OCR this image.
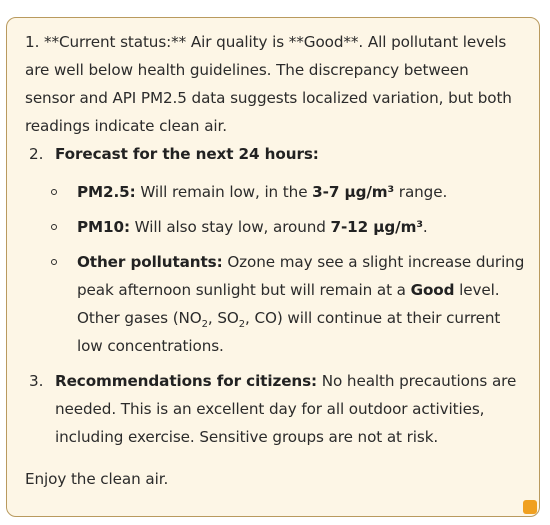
1. **Current status:** Air quality is **Good**. All pollutant levels
are well below health guidelines. The discrepancy between
sensor and API PM2.5 data suggests localized variation, but both
readings indicate clean air.
2. Forecast for the next 24 hours:
PM2.5: Will remain low, in the 3-7 µg/m³ range.
PM10: Will also stay low, around 7-12 µg/m³.
Other pollutants: Ozone may see a slight increase during
peak afternoon sunlight but will remain at a Good level.
Other gases ($NO_2$, $SO_2$, CO) will continue at their current
low concentrations.
3. Recommendations for citizens: No health precautions are
needed. This is an excellent day for all outdoor activities,
including exercise. Sensitive groups are not at risk.
Enjoy the clean air.
